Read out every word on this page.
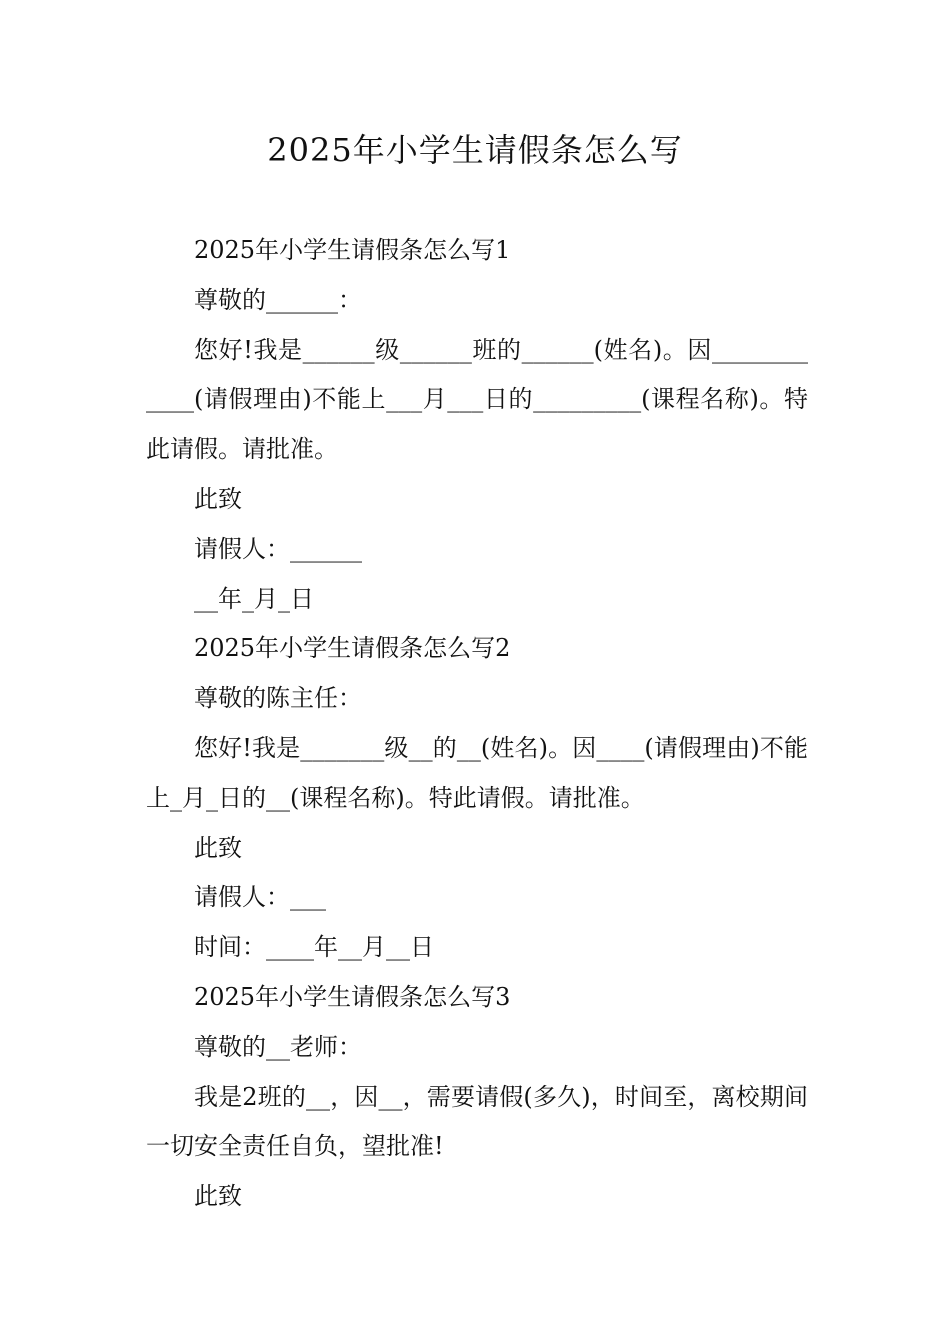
2025年小学生请假条怎么写

2025年小学生请假条怎么写1

尊敬的______：

您好!我是______级______班的______(姓名)。因____________(请假理由)不能上___月___日的_________(课程名称)。特此请假。请批准。

此致

请假人：______

__年_月_日

2025年小学生请假条怎么写2

尊敬的陈主任：

您好!我是_______级__的__(姓名)。因____(请假理由)不能上_月_日的__(课程名称)。特此请假。请批准。

此致

请假人：___

时间：____年__月__日

2025年小学生请假条怎么写3

尊敬的__老师：

我是2班的__，因__，需要请假(多久)，时间至，离校期间一切安全责任自负，望批准!

此致
